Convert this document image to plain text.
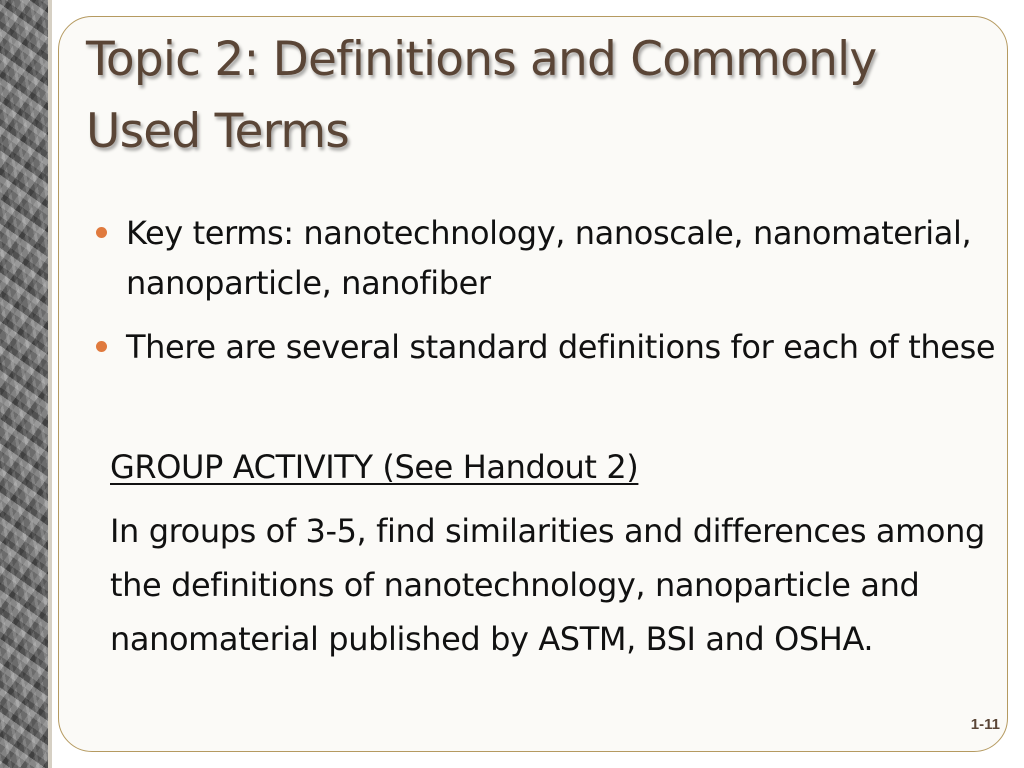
Topic 2: Definitions and Commonly Used Terms
Key terms: nanotechnology, nanoscale, nanomaterial, nanoparticle, nanofiber
There are several standard definitions for each of these

GROUP ACTIVITY (See Handout 2)

In groups of 3-5, find similarities and differences among the definitions of nanotechnology, nanoparticle and nanomaterial published by ASTM, BSI and OSHA.

1-11
